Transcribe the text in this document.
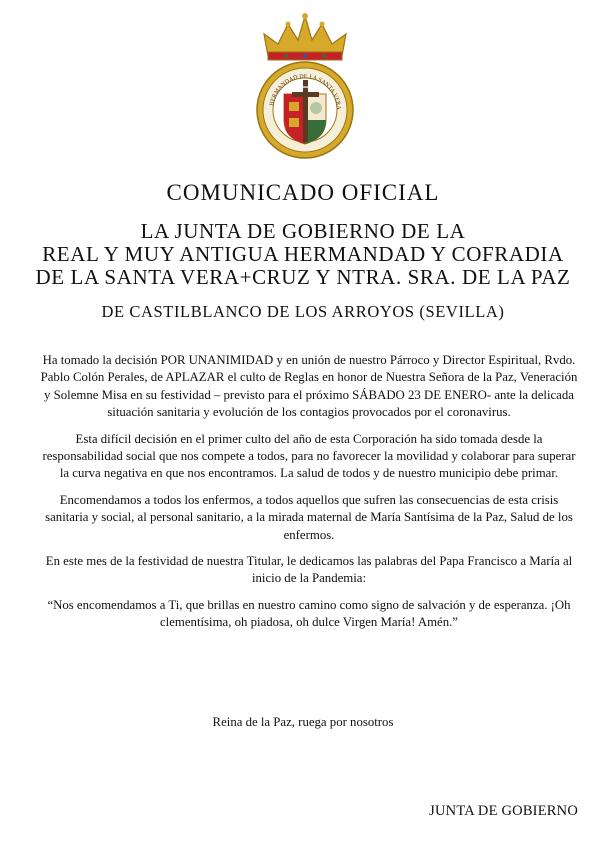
HERMANDAD DE LA SANTA VERA
COMUNICADO OFICIAL
LA JUNTA DE GOBIERNO DE LA
REAL Y MUY ANTIGUA HERMANDAD Y COFRADIA
DE LA SANTA VERA+CRUZ Y NTRA. SRA. DE LA PAZ
DE CASTILBLANCO DE LOS ARROYOS (SEVILLA)

Ha tomado la decisión POR UNANIMIDAD y en unión de nuestro Párroco y Director Espiritual, Rvdo. Pablo Colón Perales, de APLAZAR el culto de Reglas en honor de Nuestra Señora de la Paz, Veneración y Solemne Misa en su festividad – previsto para el próximo SÁBADO 23 DE ENERO- ante la delicada situación sanitaria y evolución de los contagios provocados por el coronavirus.

Esta difícil decisión en el primer culto del año de esta Corporación ha sido tomada desde la responsabilidad social que nos compete a todos, para no favorecer la movilidad y colaborar para superar la curva negativa en que nos encontramos. La salud de todos y de nuestro municipio debe primar.

Encomendamos a todos los enfermos, a todos aquellos que sufren las consecuencias de esta crisis sanitaria y social, al personal sanitario, a la mirada maternal de María Santísima de la Paz, Salud de los enfermos.

En este mes de la festividad de nuestra Titular, le dedicamos las palabras del Papa Francisco a María al inicio de la Pandemia:

“Nos encomendamos a Ti, que brillas en nuestro camino como signo de salvación y de esperanza. ¡Oh clementísima, oh piadosa, oh dulce Virgen María! Amén.”

Reina de la Paz, ruega por nosotros
JUNTA DE GOBIERNO
